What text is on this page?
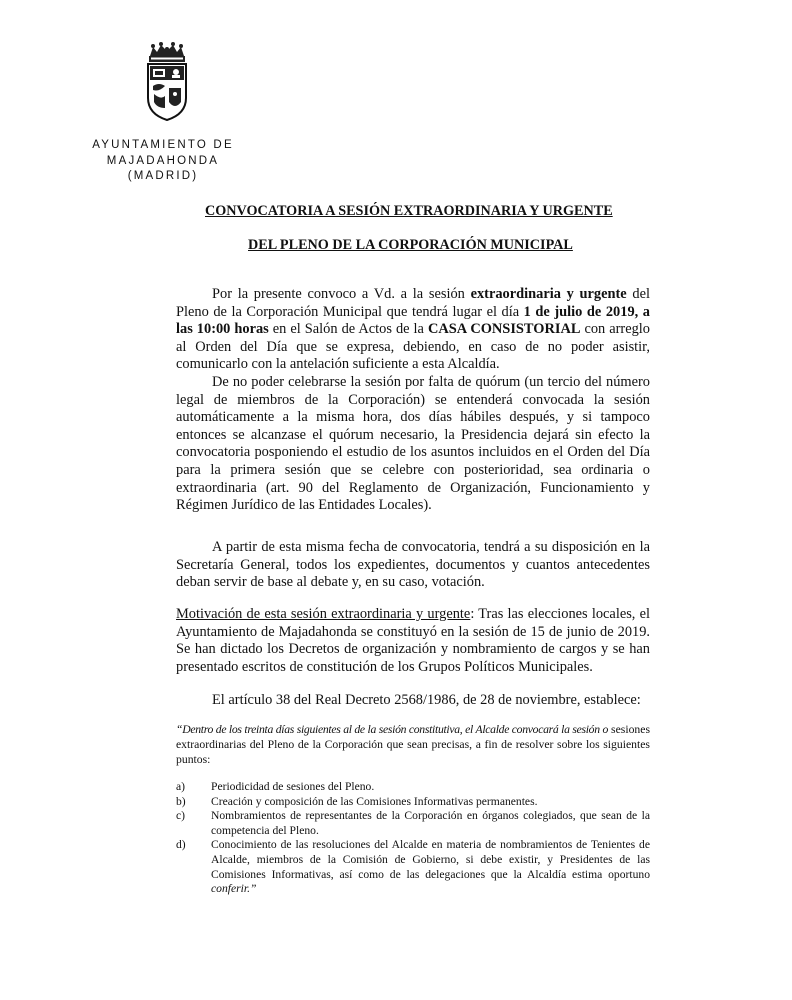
AYUNTAMIENTO DE
MAJADAHONDA
(MADRID)
CONVOCATORIA A SESIÓN EXTRAORDINARIA Y URGENTE
DEL PLENO DE LA CORPORACIÓN MUNICIPAL
Por la presente convoco a Vd. a la sesión extraordinaria y urgente del Pleno de la Corporación Municipal que tendrá lugar el día 1 de julio de 2019, a las 10:00 horas en el Salón de Actos de la CASA CONSISTORIAL con arreglo al Orden del Día que se expresa, debiendo, en caso de no poder asistir, comunicarlo con la antelación suficiente a esta Alcaldía.
De no poder celebrarse la sesión por falta de quórum (un tercio del número legal de miembros de la Corporación) se entenderá convocada la sesión automáticamente a la misma hora, dos días hábiles después, y si tampoco entonces se alcanzase el quórum necesario, la Presidencia dejará sin efecto la convocatoria posponiendo el estudio de los asuntos incluidos en el Orden del Día para la primera sesión que se celebre con posterioridad, sea ordinaria o extraordinaria (art. 90 del Reglamento de Organización, Funcionamiento y Régimen Jurídico de las Entidades Locales).
A partir de esta misma fecha de convocatoria, tendrá a su disposición en la Secretaría General, todos los expedientes, documentos y cuantos antecedentes deban servir de base al debate y, en su caso, votación.
Motivación de esta sesión extraordinaria y urgente: Tras las elecciones locales, el Ayuntamiento de Majadahonda se constituyó en la sesión de 15 de junio de 2019. Se han dictado los Decretos de organización y nombramiento de cargos y se han presentado escritos de constitución de los Grupos Políticos Municipales.
El artículo 38 del Real Decreto 2568/1986, de 28 de noviembre, establece:
“Dentro de los treinta días siguientes al de la sesión constitutiva, el Alcalde convocará la sesión o sesiones extraordinarias del Pleno de la Corporación que sean precisas, a fin de resolver sobre los siguientes puntos:
a)	Periodicidad de sesiones del Pleno.
b)	Creación y composición de las Comisiones Informativas permanentes.
c)	Nombramientos de representantes de la Corporación en órganos colegiados, que sean de la competencia del Pleno.
d)	Conocimiento de las resoluciones del Alcalde en materia de nombramientos de Tenientes de Alcalde, miembros de la Comisión de Gobierno, si debe existir, y Presidentes de las Comisiones Informativas, así como de las delegaciones que la Alcaldía estima oportuno conferir.”
